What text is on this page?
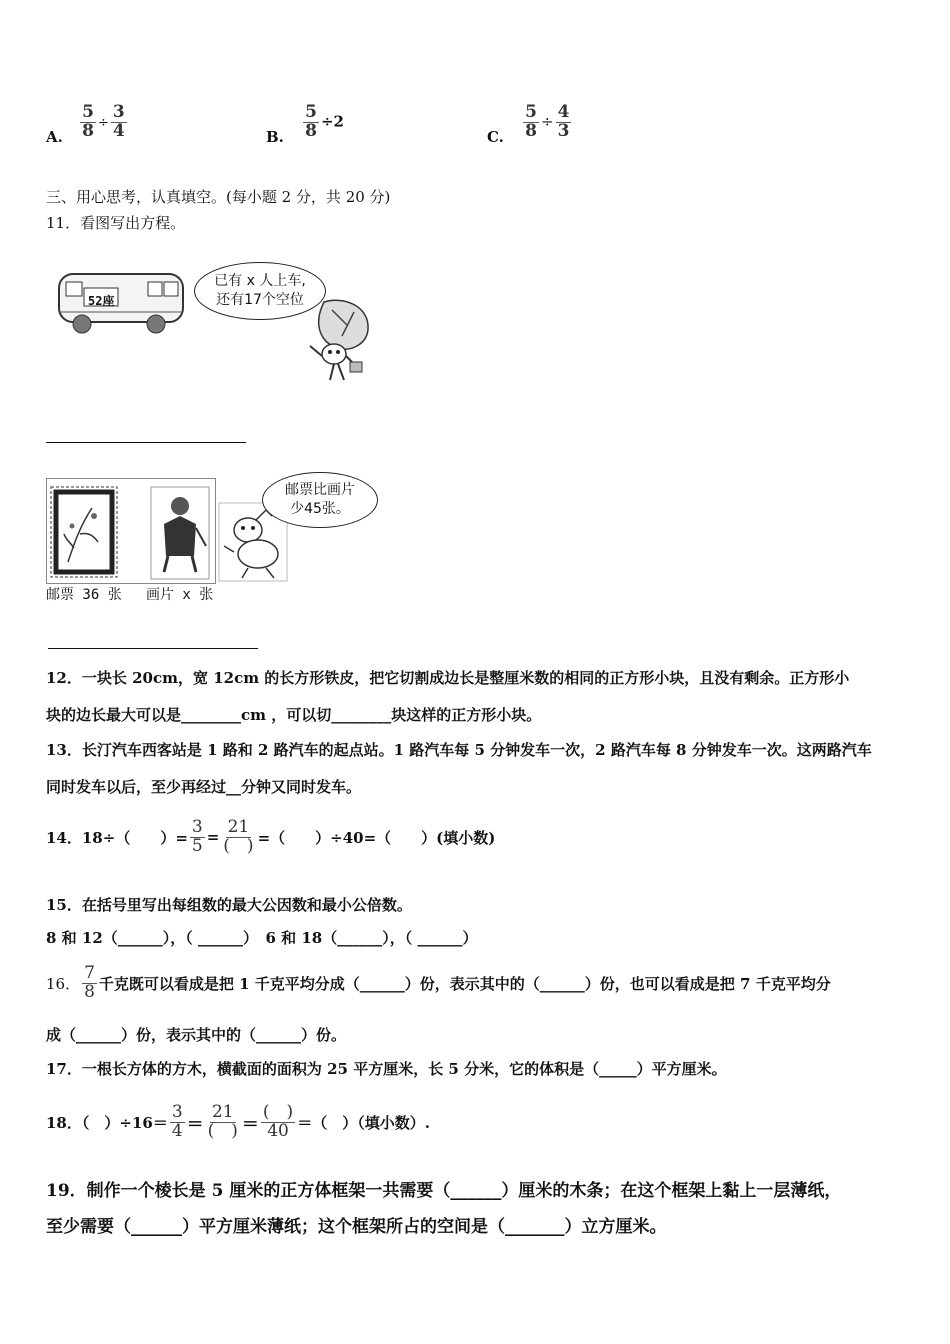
A. $\frac{5}{8} \div \frac{3}{4}$	B. $\frac{5}{8} \div 2$
C. $\frac{5}{8} \div \frac{4}{3}$
三、用心思考，认真填空。(每小题 2 分，共 20 分)
11．看图写出方程。
52座
已有 x 人上车,
还有17个空位
邮票 36 张 画片 x 张
邮票比画片
少45张。
12．一块长 20cm，宽 12cm 的长方形铁皮，把它切割成边长是整厘米数的相同的正方形小块，且没有剩余。正方形小
块的边长最大可以是________cm ，可以切________块这样的正方形小块。
13．长汀汽车西客站是 1 路和 2 路汽车的起点站。1 路汽车每 5 分钟发车一次，2 路汽车每 8 分钟发车一次。这两路汽车
同时发车以后，至少再经过__分钟又同时发车。
14．18÷（　　）= $\frac{3}{5} = \frac{21}{( )}$ =（　　）÷40=（　　）(填小数)
15．在括号里写出每组数的最大公因数和最小公倍数。
8 和 12（______），（ ______）　6 和 18（______），（ ______）
16． $\frac{7}{8}$ 千克既可以看成是把 1 千克平均分成（______）份，表示其中的（______）份，也可以看成是把 7 千克平均分
成（______）份，表示其中的（______）份。
17．一根长方体的方木，横截面的面积为 25 平方厘米，长 5 分米，它的体积是（_____）平方厘米。
18．（　）$\div 16= \frac{3}{4} = \frac{21}{( )} = \frac{( )}{40}$ ＝（　）（填小数）.
19．制作一个棱长是 5 厘米的正方体框架一共需要（______）厘米的木条；在这个框架上黏上一层薄纸，
至少需要（______）平方厘米薄纸；这个框架所占的空间是（_______）立方厘米。
